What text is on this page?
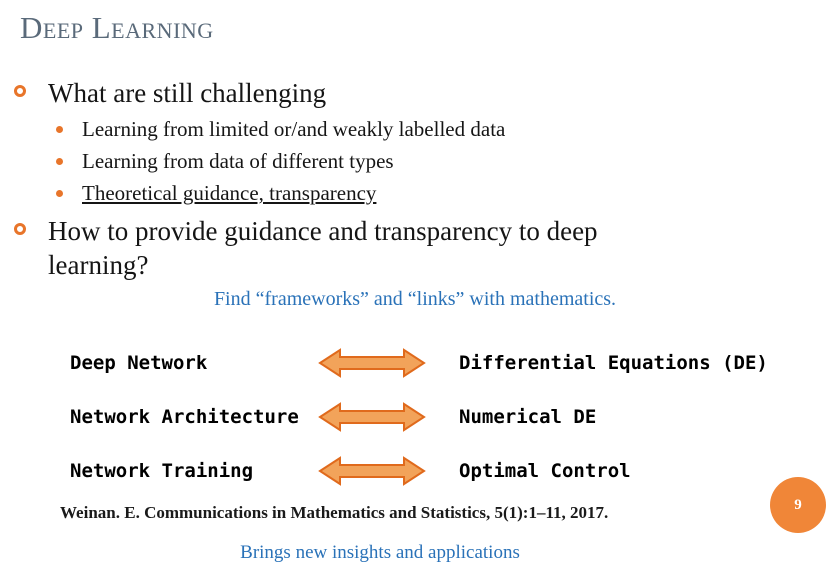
Deep Learning
What are still challenging
Learning from limited or/and weakly labelled data
Learning from data of different types
Theoretical guidance, transparency
How to provide guidance and transparency to deep
learning?
Find “frameworks” and “links” with mathematics.
Deep Network	Differential Equations (DE)
Network Architecture	Numerical DE
Network Training	Optimal Control
Weinan. E. Communications in Mathematics and Statistics, 5(1):1–11, 2017.	9
Brings new insights and applications
